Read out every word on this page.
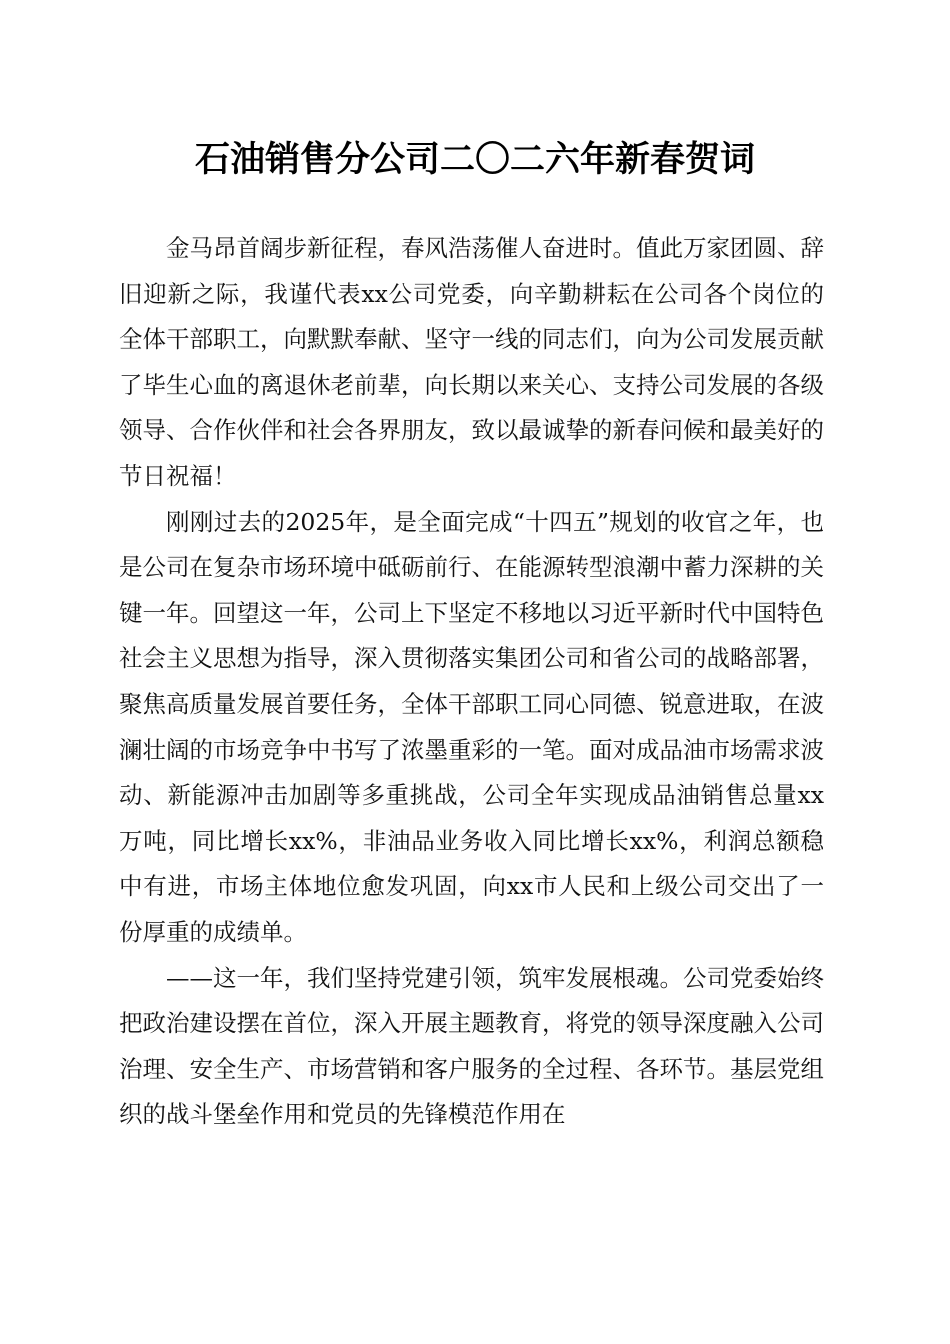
石油销售分公司二〇二六年新春贺词

金马昂首阔步新征程，春风浩荡催人奋进时。值此万家团圆、辞旧迎新之际，我谨代表xx公司党委，向辛勤耕耘在公司各个岗位的全体干部职工，向默默奉献、坚守一线的同志们，向为公司发展贡献了毕生心血的离退休老前辈，向长期以来关心、支持公司发展的各级领导、合作伙伴和社会各界朋友，致以最诚挚的新春问候和最美好的节日祝福！

刚刚过去的2025年，是全面完成“十四五”规划的收官之年，也是公司在复杂市场环境中砥砺前行、在能源转型浪潮中蓄力深耕的关键一年。回望这一年，公司上下坚定不移地以习近平新时代中国特色社会主义思想为指导，深入贯彻落实集团公司和省公司的战略部署，聚焦高质量发展首要任务，全体干部职工同心同德、锐意进取，在波澜壮阔的市场竞争中书写了浓墨重彩的一笔。面对成品油市场需求波动、新能源冲击加剧等多重挑战，公司全年实现成品油销售总量xx万吨，同比增长xx%，非油品业务收入同比增长xx%，利润总额稳中有进，市场主体地位愈发巩固，向xx市人民和上级公司交出了一份厚重的成绩单。

——这一年，我们坚持党建引领，筑牢发展根魂。公司党委始终把政治建设摆在首位，深入开展主题教育，将党的领导深度融入公司治理、安全生产、市场营销和客户服务的全过程、各环节。基层党组织的战斗堡垒作用和党员的先锋模范作用在
